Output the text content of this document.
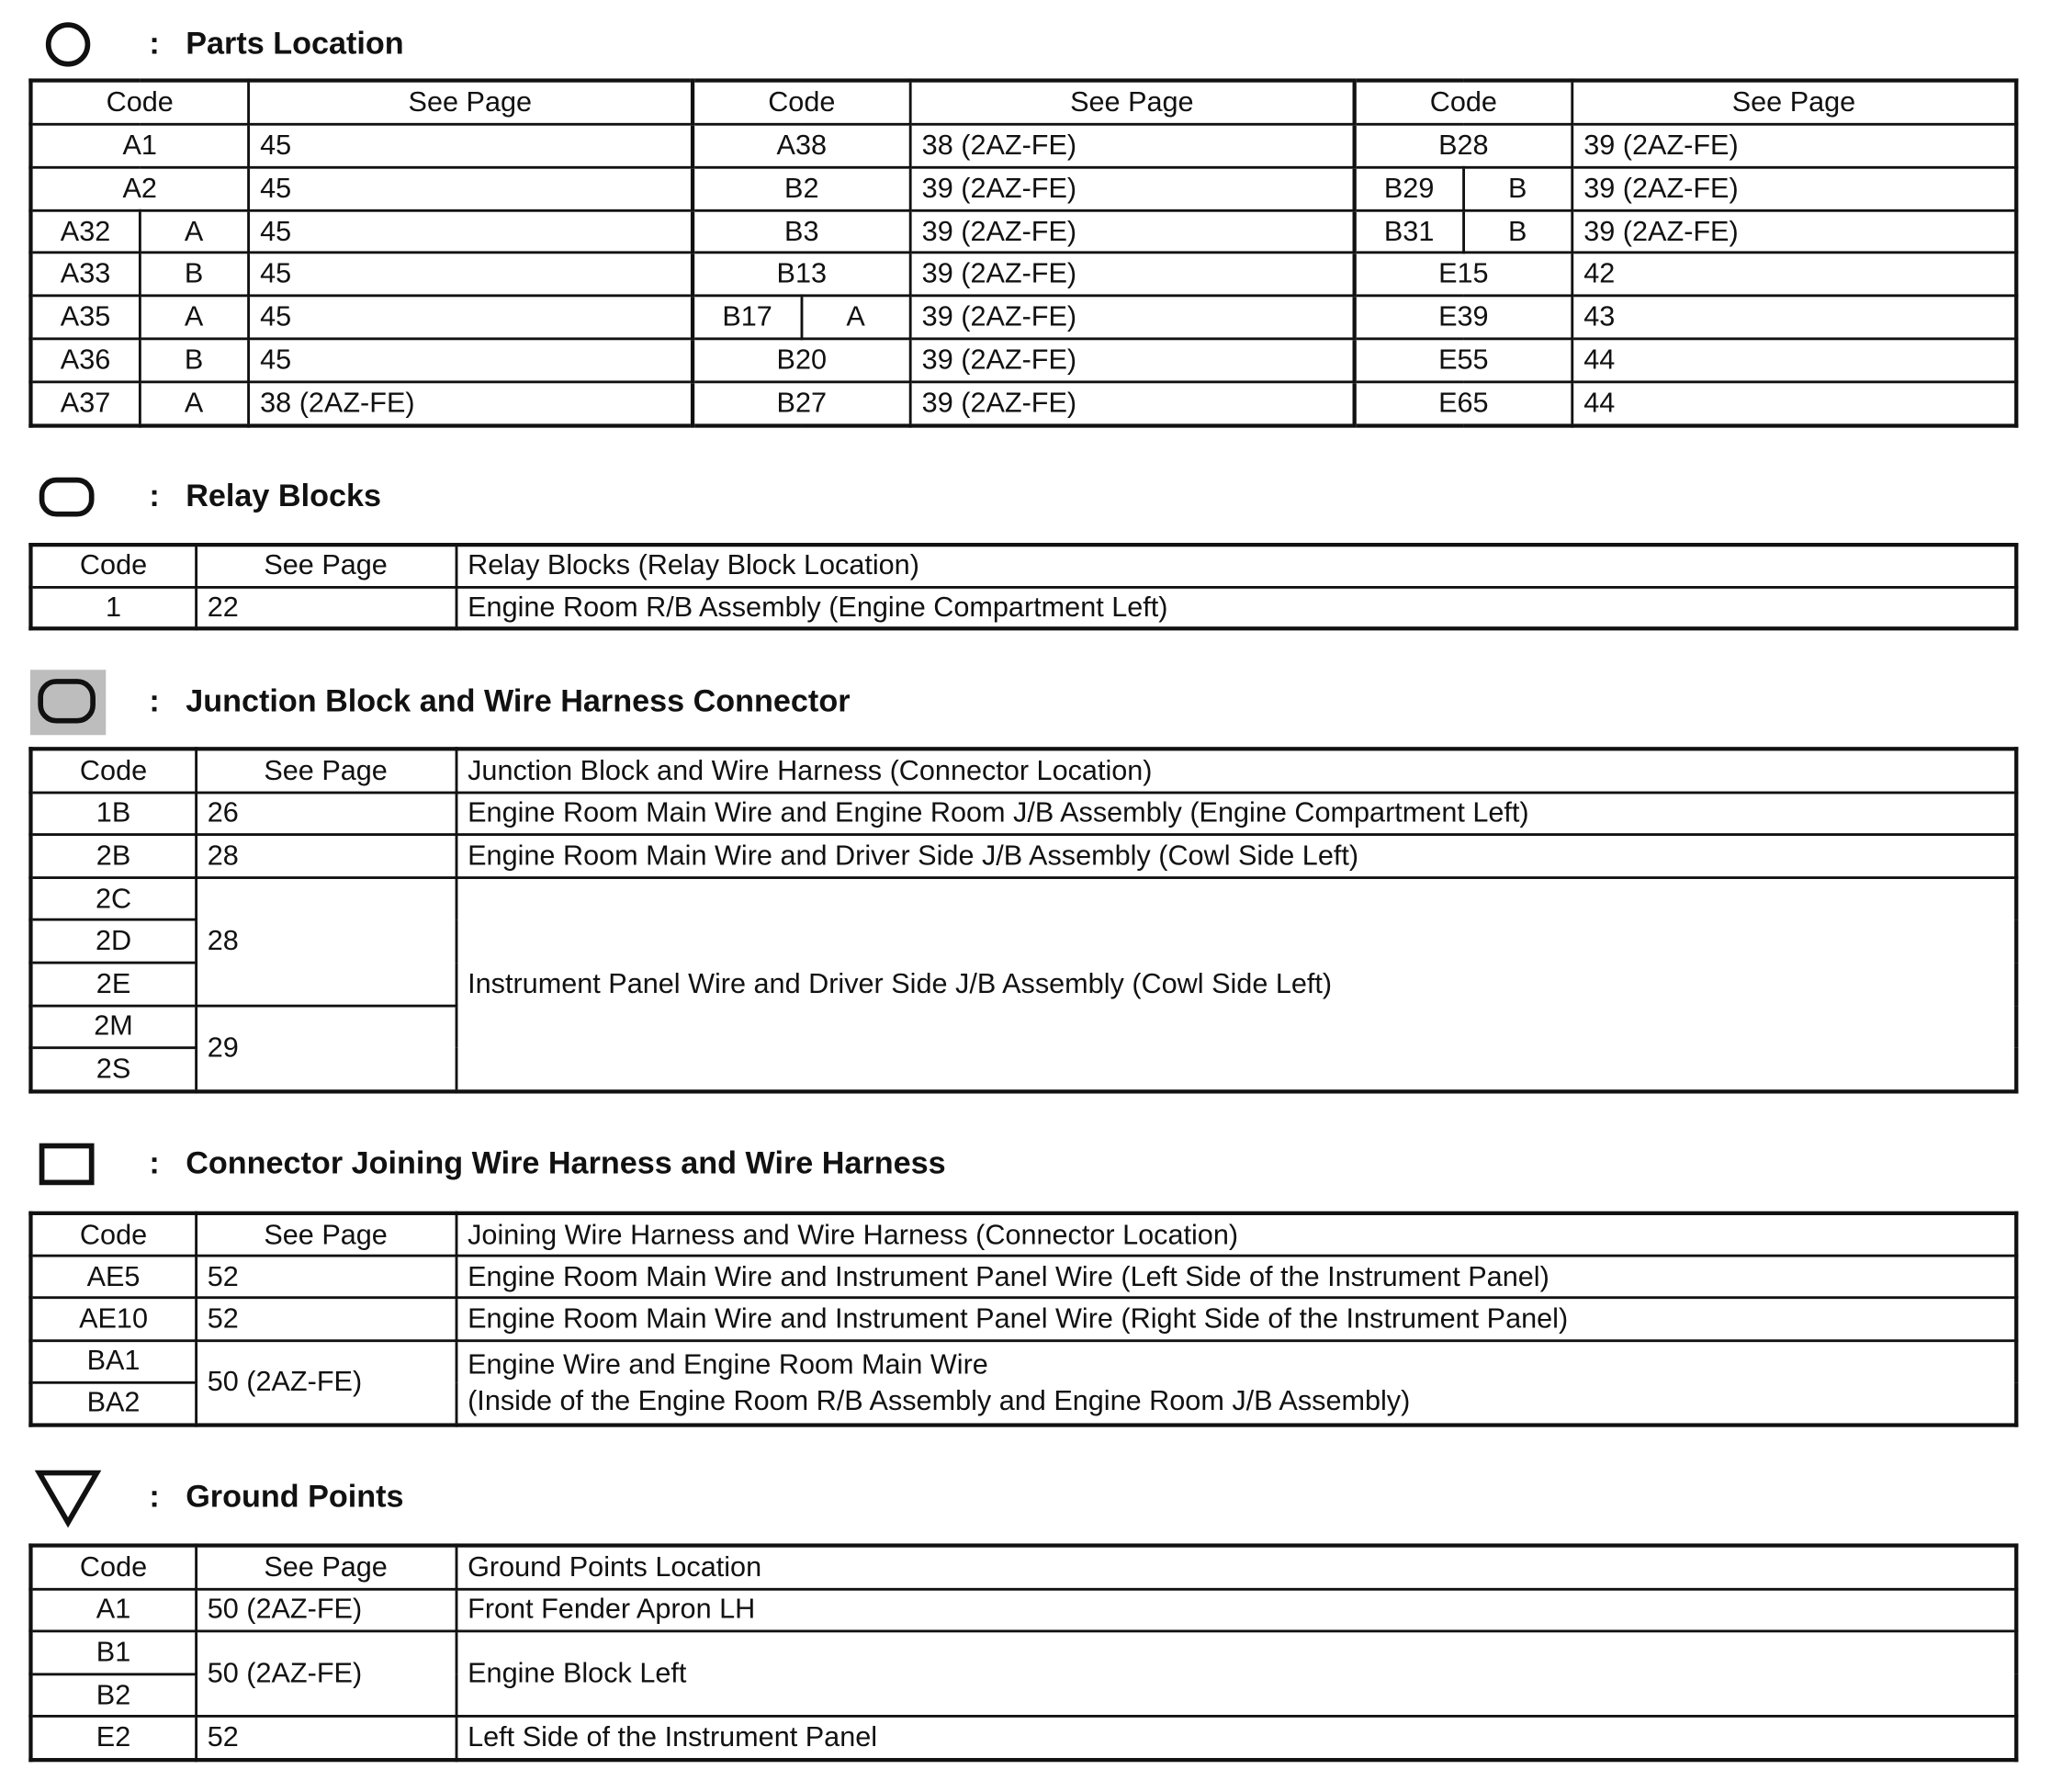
:	Parts Location
Code		See Page	Code		See Page	Code		See Page
A1		45	A38		38 (2AZ-FE)	B28		39 (2AZ-FE)
A2		45	B2		39 (2AZ-FE)	B29	B	39 (2AZ-FE)
A32	A	45	B3		39 (2AZ-FE)	B31	B	39 (2AZ-FE)
A33	B	45	B13		39 (2AZ-FE)	E15		42
A35	A	45	B17	A	39 (2AZ-FE)	E39		43
A36	B	45	B20		39 (2AZ-FE)	E55		44
A37	A	38 (2AZ-FE)	B27		39 (2AZ-FE)	E65		44
:	Relay Blocks
Code	See Page	Relay Blocks (Relay Block Location)
1	22	Engine Room R/B Assembly (Engine Compartment Left)
:	Junction Block and Wire Harness Connector
Code	See Page	Junction Block and Wire Harness (Connector Location)
1B	26	Engine Room Main Wire and Engine Room J/B Assembly (Engine Compartment Left)
2B	28	Engine Room Main Wire and Driver Side J/B Assembly (Cowl Side Left)
2C	28	Instrument Panel Wire and Driver Side J/B Assembly (Cowl Side Left)
2D		
2E		
2M	29	
2S		
:	Connector Joining Wire Harness and Wire Harness
Code	See Page	Joining Wire Harness and Wire Harness (Connector Location)
AE5	52	Engine Room Main Wire and Instrument Panel Wire (Left Side of the Instrument Panel)
AE10	52	Engine Room Main Wire and Instrument Panel Wire (Right Side of the Instrument Panel)
BA1	50 (2AZ-FE)	Engine Wire and Engine Room Main Wire
(Inside of the Engine Room R/B Assembly and Engine Room J/B Assembly)

BA2		
:	Ground Points
Code	See Page	Ground Points Location
A1	50 (2AZ-FE)	Front Fender Apron LH
B1	50 (2AZ-FE)	Engine Block Left
B2		
E2	52	Left Side of the Instrument Panel
